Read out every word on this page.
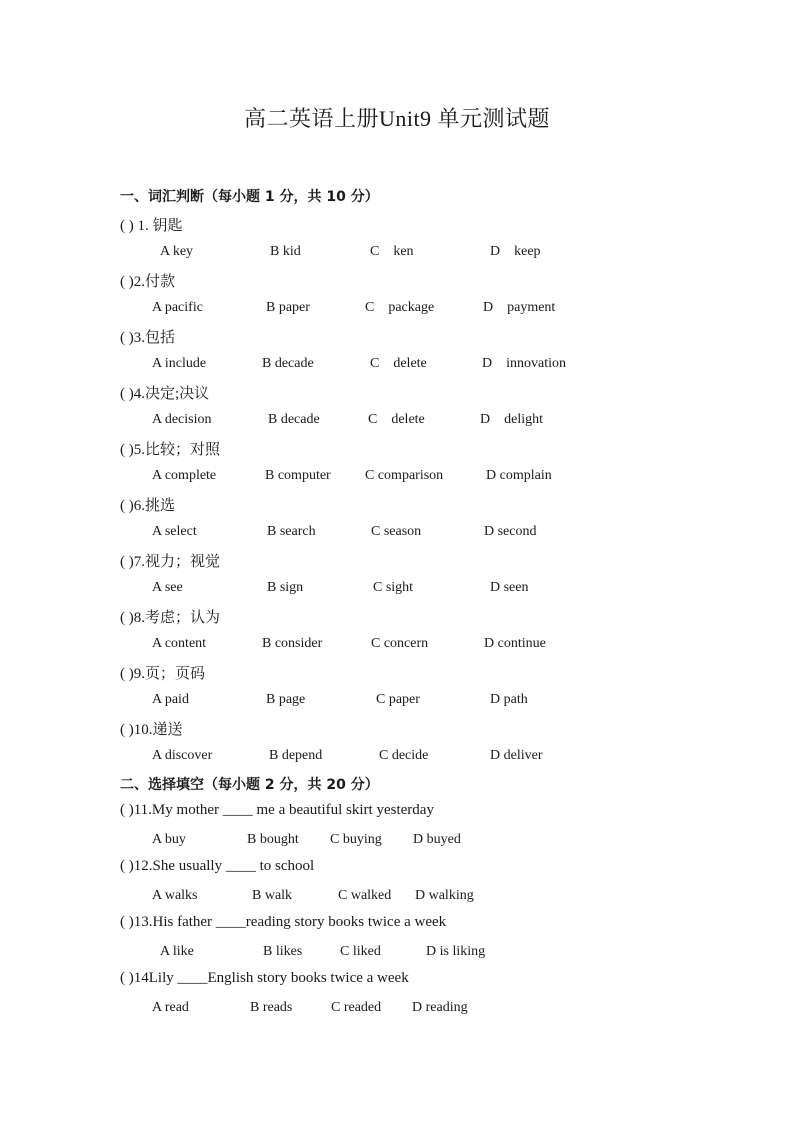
高二英语上册Unit9 单元测试题
一、词汇判断（每小题 1 分，共 10 分）
( ) 1. 钥匙
A key	B kid	C    ken	D    keep
( )2.付款
A pacific	B paper	C    package	D    payment
( )3.包括
A include	B decade	C    delete	D    innovation
( )4.决定;决议
A decision	B decade	C    delete	D    delight
( )5.比较；对照
A complete	B computer C comparison	D complain
( )6.挑选
A select	B search	C season	D second
( )7.视力；视觉
A see	B sign	C sight	D seen
( )8.考虑；认为
A content	B consider	C concern	D continue
( )9.页；页码
A paid	B page	C paper	D path
( )10.递送
A discover	B depend	C decide	D deliver
二、选择填空（每小题 2 分，共 20 分）
( )11.My mother ____ me a beautiful skirt yesterday
A buy	B bought C buying D buyed
( )12.She usually ____ to school
A walks	B walk	C walked D walking
( )13.His father ____reading story books twice a week
A like	B likes	C liked	D is liking
( )14Lily ____English story books twice a week
A read	B reads	C readed D reading
